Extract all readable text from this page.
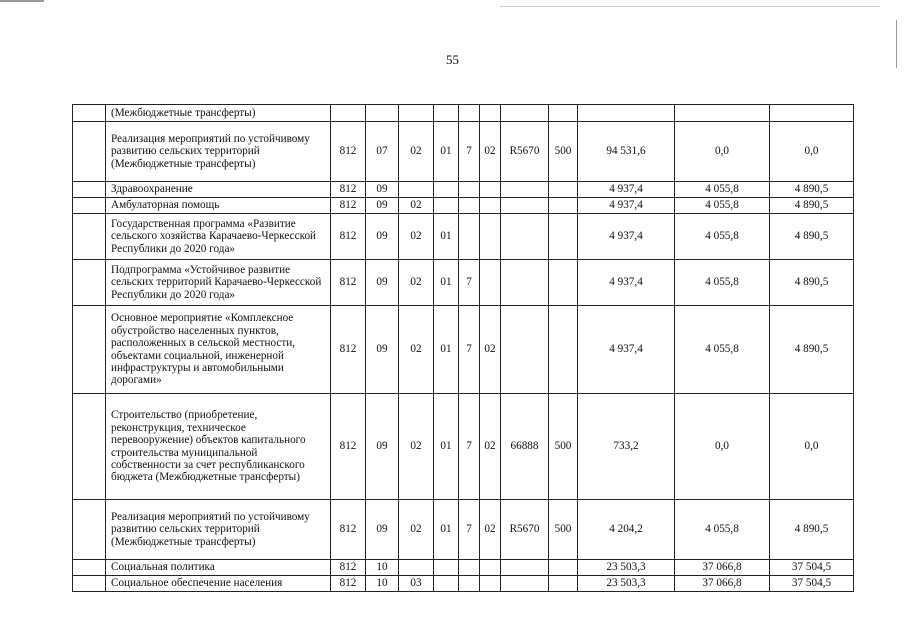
55
	(Межбюджетные трансферты)											
	Реализация мероприятий по устойчивому развитию сельских территорий (Межбюджетные трансферты)	812	07	02	01	7	02	R5670	500	94 531,6	0,0	0,0
	Здравоохранение	812	09							4 937,4	4 055,8	4 890,5
	Амбулаторная помощь	812	09	02						4 937,4	4 055,8	4 890,5
	Государственная программа «Развитие сельского хозяйства Карачаево-Черкесской Республики до 2020 года»	812	09	02	01					4 937,4	4 055,8	4 890,5
	Подпрограмма «Устойчивое развитие сельских территорий Карачаево-Черкесской Республики до 2020 года»	812	09	02	01	7				4 937,4	4 055,8	4 890,5
	Основное мероприятие «Комплексное обустройство населенных пунктов, расположенных в сельской местности, объектами социальной, инженерной инфраструктуры и автомобильными дорогами»	812	09	02	01	7	02			4 937,4	4 055,8	4 890,5
	Строительство (приобретение, реконструкция, техническое перевооружение) объектов капитального строительства муниципальной собственности за счет республиканского бюджета (Межбюджетные трансферты)	812	09	02	01	7	02	66888	500	733,2	0,0	0,0
	Реализация мероприятий по устойчивому развитию сельских территорий (Межбюджетные трансферты)	812	09	02	01	7	02	R5670	500	4 204,2	4 055,8	4 890,5
	Социальная политика	812	10							23 503,3	37 066,8	37 504,5
	Социальное обеспечение населения	812	10	03						23 503,3	37 066,8	37 504,5
